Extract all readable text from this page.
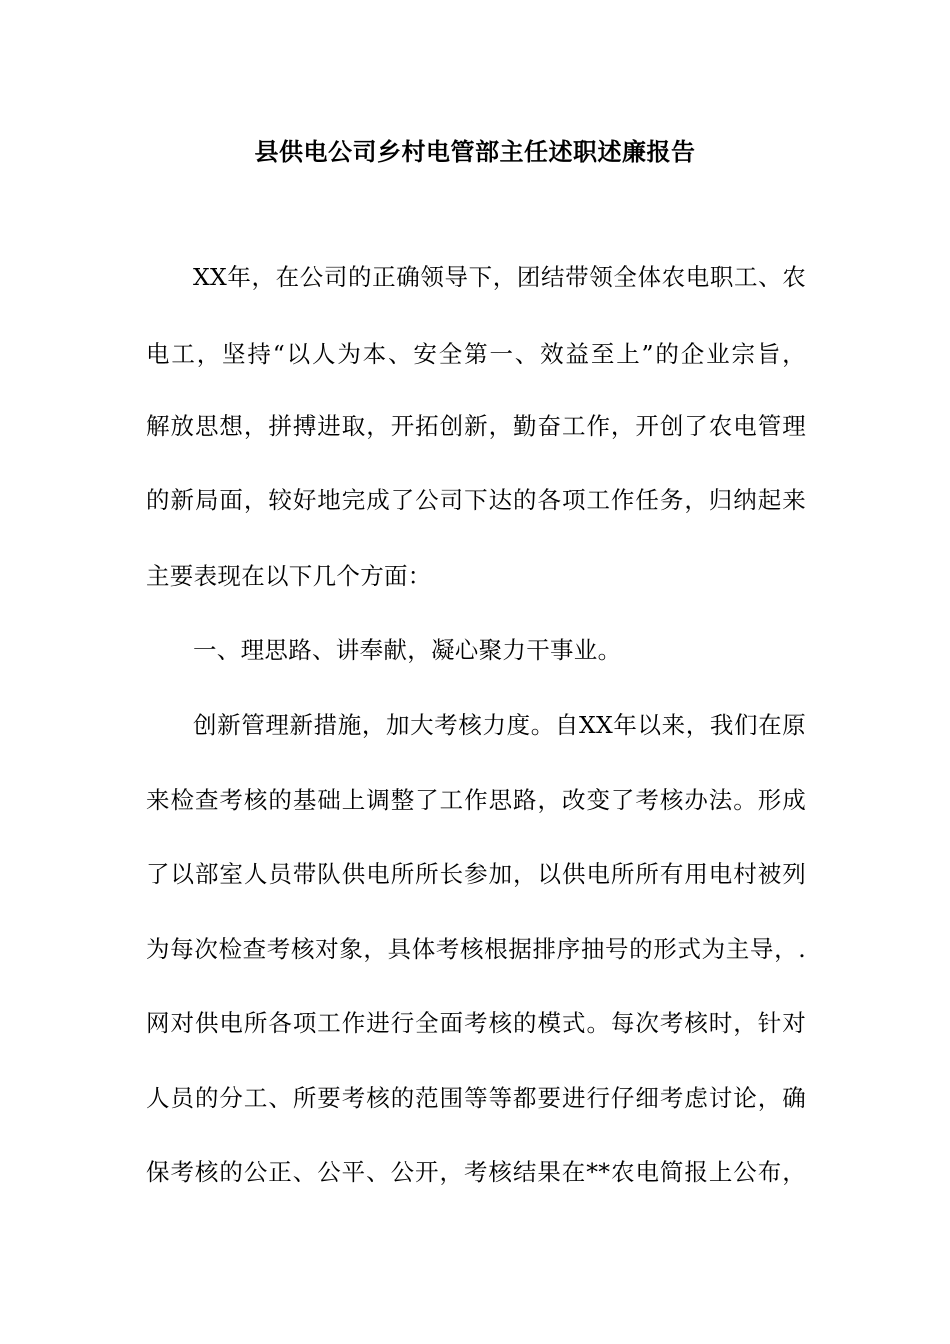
县供电公司乡村电管部主任述职述廉报告
XX年，在公司的正确领导下，团结带领全体农电职工、农
电工，坚持“以人为本、安全第一、效益至上”的企业宗旨，
解放思想，拼搏进取，开拓创新，勤奋工作，开创了农电管理
的新局面，较好地完成了公司下达的各项工作任务，归纳起来
主要表现在以下几个方面：
一、理思路、讲奉献，凝心聚力干事业。
创新管理新措施，加大考核力度。自XX年以来，我们在原
来检查考核的基础上调整了工作思路，改变了考核办法。形成
了以部室人员带队供电所所长参加，以供电所所有用电村被列
为每次检查考核对象，具体考核根据排序抽号的形式为主导，.
网对供电所各项工作进行全面考核的模式。每次考核时，针对
人员的分工、所要考核的范围等等都要进行仔细考虑讨论，确
保考核的公正、公平、公开，考核结果在**农电简报上公布，
